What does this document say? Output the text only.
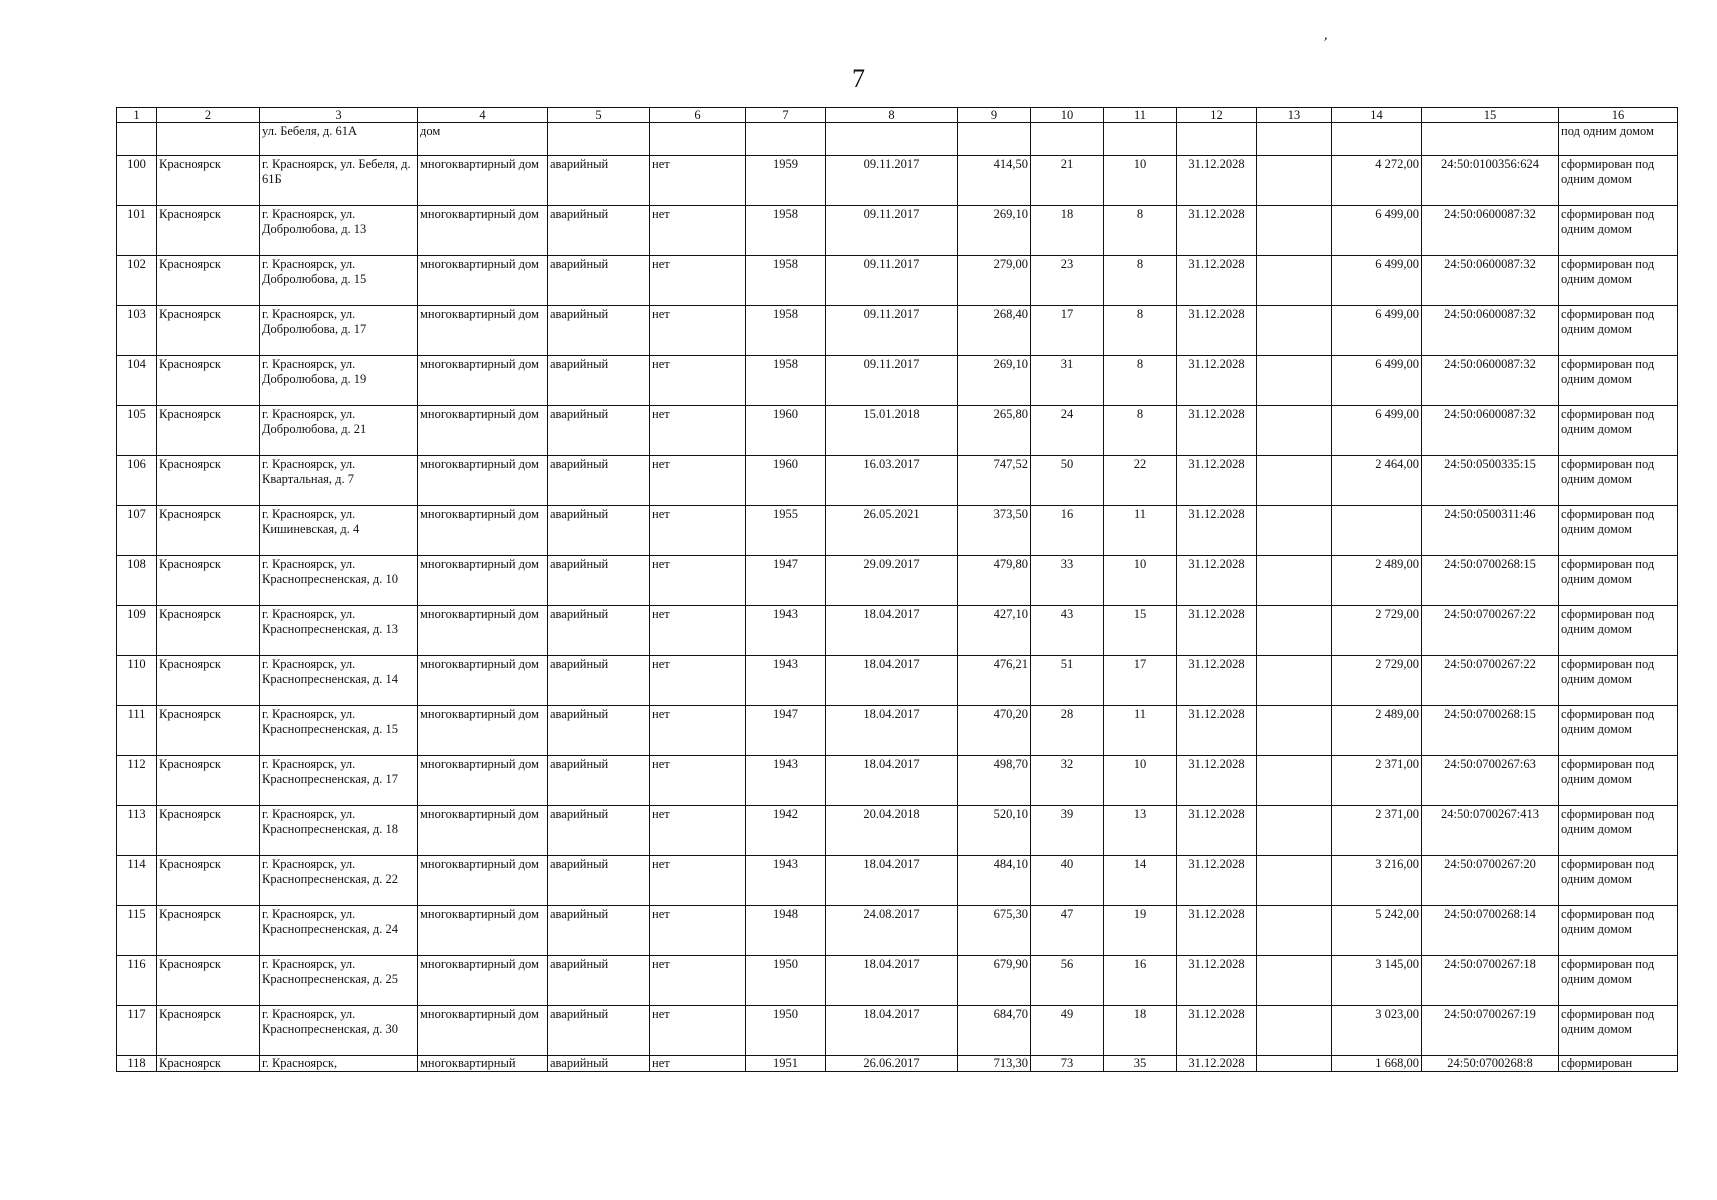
7
,
1	2	3	4	5	6	7	8	9	10	11	12	13	14	15	16
		ул. Бебеля, д. 61А	дом												под одним домом
100	Красноярск	г. Красноярск, ул. Бебеля, д. 61Б	многоквартирный дом	аварийный	нет	1959	09.11.2017	414,50	21	10	31.12.2028		4 272,00	24:50:0100356:624	сформирован под одним домом
101	Красноярск	г. Красноярск, ул. Добролюбова, д. 13	многоквартирный дом	аварийный	нет	1958	09.11.2017	269,10	18	8	31.12.2028		6 499,00	24:50:0600087:32	сформирован под одним домом
102	Красноярск	г. Красноярск, ул. Добролюбова, д. 15	многоквартирный дом	аварийный	нет	1958	09.11.2017	279,00	23	8	31.12.2028		6 499,00	24:50:0600087:32	сформирован под одним домом
103	Красноярск	г. Красноярск, ул. Добролюбова, д. 17	многоквартирный дом	аварийный	нет	1958	09.11.2017	268,40	17	8	31.12.2028		6 499,00	24:50:0600087:32	сформирован под одним домом
104	Красноярск	г. Красноярск, ул. Добролюбова, д. 19	многоквартирный дом	аварийный	нет	1958	09.11.2017	269,10	31	8	31.12.2028		6 499,00	24:50:0600087:32	сформирован под одним домом
105	Красноярск	г. Красноярск, ул. Добролюбова, д. 21	многоквартирный дом	аварийный	нет	1960	15.01.2018	265,80	24	8	31.12.2028		6 499,00	24:50:0600087:32	сформирован под одним домом
106	Красноярск	г. Красноярск, ул. Квартальная, д. 7	многоквартирный дом	аварийный	нет	1960	16.03.2017	747,52	50	22	31.12.2028		2 464,00	24:50:0500335:15	сформирован под одним домом
107	Красноярск	г. Красноярск, ул. Кишиневская, д. 4	многоквартирный дом	аварийный	нет	1955	26.05.2021	373,50	16	11	31.12.2028			24:50:0500311:46	сформирован под одним домом
108	Красноярск	г. Красноярск, ул. Краснопресненская, д. 10	многоквартирный дом	аварийный	нет	1947	29.09.2017	479,80	33	10	31.12.2028		2 489,00	24:50:0700268:15	сформирован под одним домом
109	Красноярск	г. Красноярск, ул. Краснопресненская, д. 13	многоквартирный дом	аварийный	нет	1943	18.04.2017	427,10	43	15	31.12.2028		2 729,00	24:50:0700267:22	сформирован под одним домом
110	Красноярск	г. Красноярск, ул. Краснопресненская, д. 14	многоквартирный дом	аварийный	нет	1943	18.04.2017	476,21	51	17	31.12.2028		2 729,00	24:50:0700267:22	сформирован под одним домом
111	Красноярск	г. Красноярск, ул. Краснопресненская, д. 15	многоквартирный дом	аварийный	нет	1947	18.04.2017	470,20	28	11	31.12.2028		2 489,00	24:50:0700268:15	сформирован под одним домом
112	Красноярск	г. Красноярск, ул. Краснопресненская, д. 17	многоквартирный дом	аварийный	нет	1943	18.04.2017	498,70	32	10	31.12.2028		2 371,00	24:50:0700267:63	сформирован под одним домом
113	Красноярск	г. Красноярск, ул. Краснопресненская, д. 18	многоквартирный дом	аварийный	нет	1942	20.04.2018	520,10	39	13	31.12.2028		2 371,00	24:50:0700267:413	сформирован под одним домом
114	Красноярск	г. Красноярск, ул. Краснопресненская, д. 22	многоквартирный дом	аварийный	нет	1943	18.04.2017	484,10	40	14	31.12.2028		3 216,00	24:50:0700267:20	сформирован под одним домом
115	Красноярск	г. Красноярск, ул. Краснопресненская, д. 24	многоквартирный дом	аварийный	нет	1948	24.08.2017	675,30	47	19	31.12.2028		5 242,00	24:50:0700268:14	сформирован под одним домом
116	Красноярск	г. Красноярск, ул. Краснопресненская, д. 25	многоквартирный дом	аварийный	нет	1950	18.04.2017	679,90	56	16	31.12.2028		3 145,00	24:50:0700267:18	сформирован под одним домом
117	Красноярск	г. Красноярск, ул. Краснопресненская, д. 30	многоквартирный дом	аварийный	нет	1950	18.04.2017	684,70	49	18	31.12.2028		3 023,00	24:50:0700267:19	сформирован под одним домом
118	Красноярск	г. Красноярск,	многоквартирный	аварийный	нет	1951	26.06.2017	713,30	73	35	31.12.2028		1 668,00	24:50:0700268:8	сформирован
